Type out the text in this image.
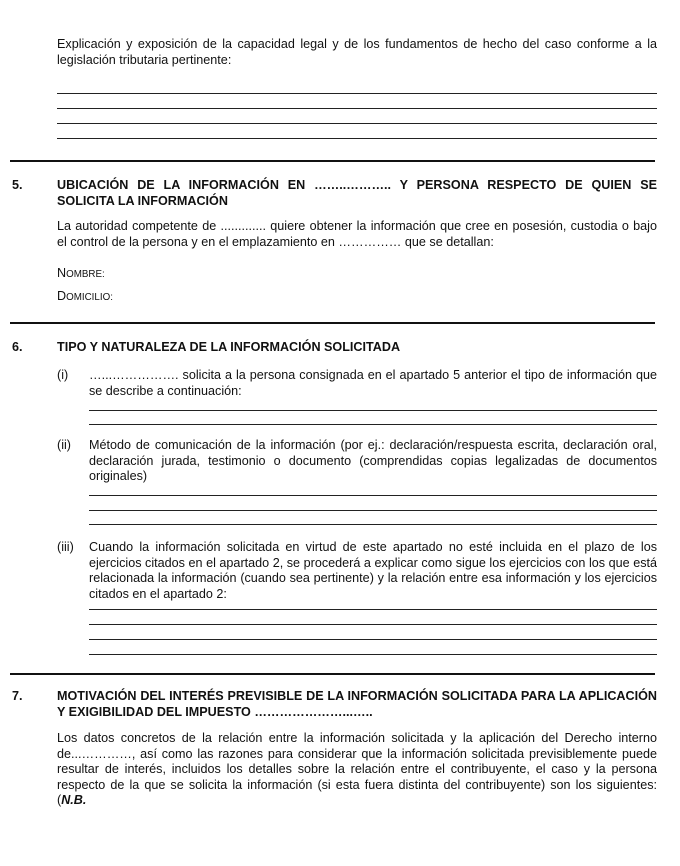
Explicación y exposición de la capacidad legal y de los fundamentos de hecho del caso conforme a la legislación tributaria pertinente:
5.	UBICACIÓN DE LA INFORMACIÓN EN ……..……….. Y PERSONA RESPECTO DE QUIEN SE SOLICITA LA INFORMACIÓN
La autoridad competente de ............. quiere obtener la información que cree en posesión, custodia o bajo el control de la persona y en el emplazamiento en …………… que se detallan:
NOMBRE:
DOMICILIO:
6.	TIPO Y NATURALEZA DE LA INFORMACIÓN SOLICITADA
(i) …...……………. solicita a la persona consignada en el apartado 5 anterior el tipo de información que se describe a continuación:
(ii) Método de comunicación de la información (por ej.: declaración/respuesta escrita, declaración oral, declaración jurada, testimonio o documento (comprendidas copias legalizadas de documentos originales)
(iii) Cuando la información solicitada en virtud de este apartado no esté incluida en el plazo de los ejercicios citados en el apartado 2, se procederá a explicar como sigue los ejercicios con los que está relacionada la información (cuando sea pertinente) y la relación entre esa información y los ejercicios citados en el apartado 2:
7.	MOTIVACIÓN DEL INTERÉS PREVISIBLE DE LA INFORMACIÓN SOLICITADA PARA LA APLICACIÓN Y EXIGIBILIDAD DEL IMPUESTO …………………...…..
Los datos concretos de la relación entre la información solicitada y la aplicación del Derecho interno de...…………, así como las razones para considerar que la información solicitada previsiblemente puede resultar de interés, incluidos los detalles sobre la relación entre el contribuyente, el caso y la persona respecto de la que se solicita la información (si esta fuera distinta del contribuyente) son los siguientes: (N.B.
